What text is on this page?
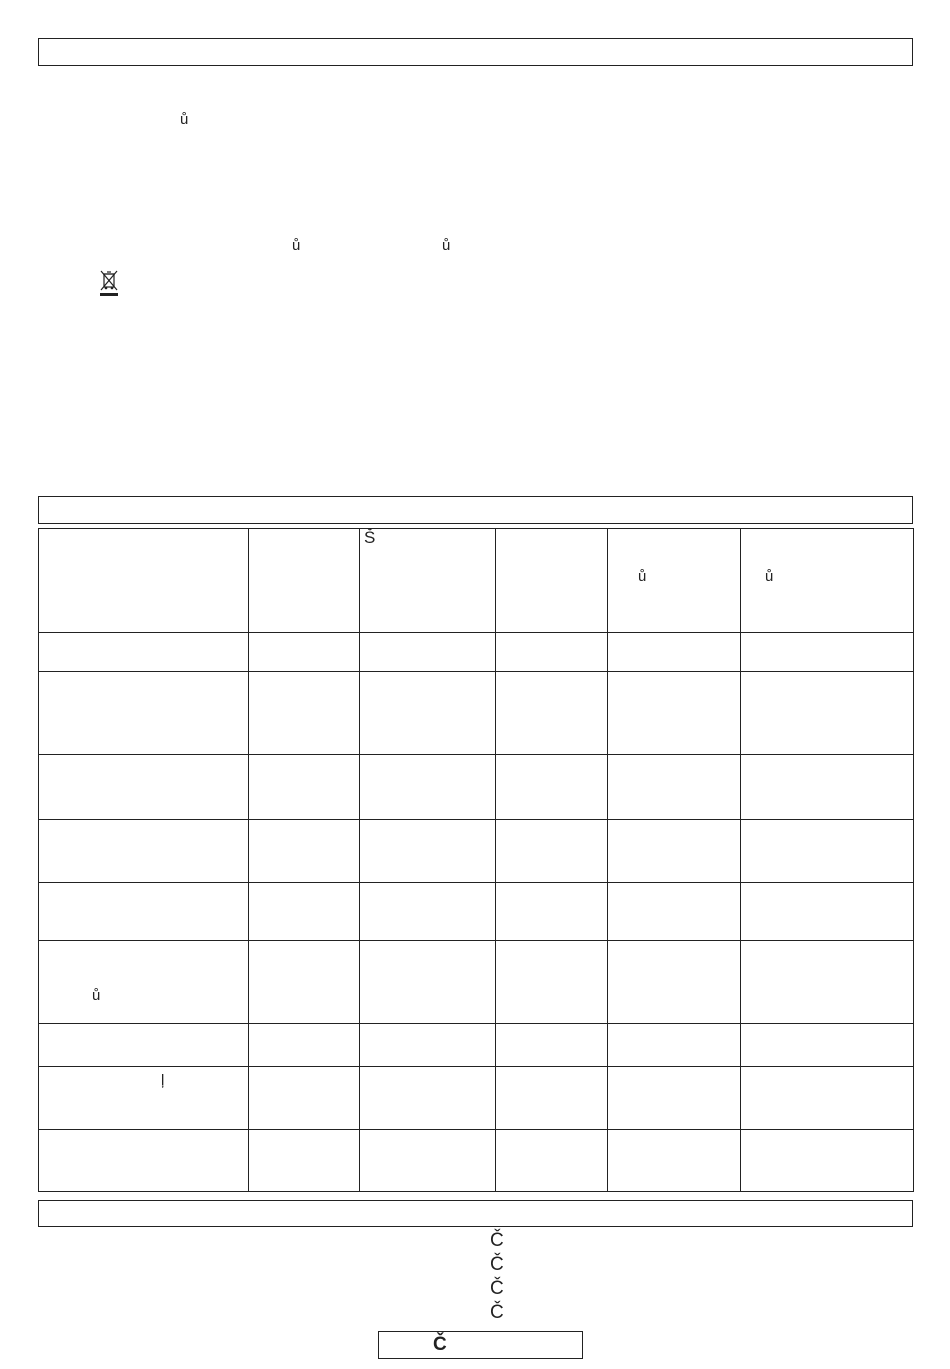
ů
ů	ů

		Š		ů	ů

ů					

ļ					

Č
Č
Č
Č
Č
